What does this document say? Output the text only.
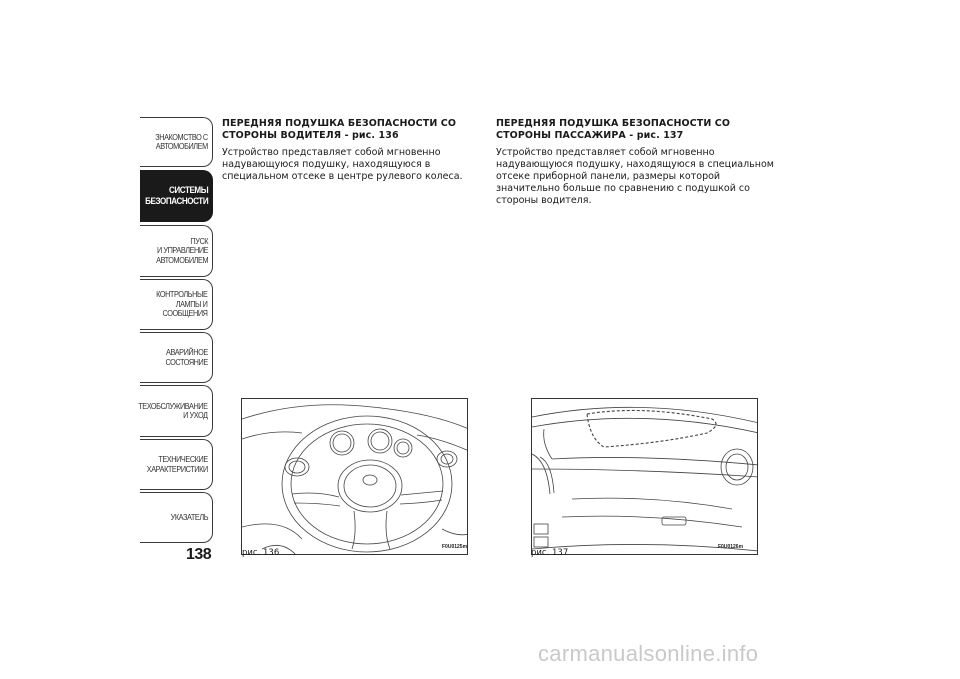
ЗНАКОМСТВО С
АВТОМОБИЛЕМ
СИСТЕМЫ
БЕЗОПАСНОСТИ
ПУСК
И УПРАВЛЕНИЕ
АВТОМОБИЛЕМ
КОНТРОЛЬНЫЕ
ЛАМПЫ И
СООБЩЕНИЯ
АВАРИЙНОЕ
СОСТОЯНИЕ
ТЕХОБСЛУЖИВАНИЕ
И УХОД
ТЕХНИЧЕСКИЕ
ХАРАКТЕРИСТИКИ
УКАЗАТЕЛЬ
138
ПЕРЕДНЯЯ ПОДУШКА БЕЗОПАСНОСТИ СО СТОРОНЫ ВОДИТЕЛЯ - рис. 136

Устройство представляет собой мгновенно надувающуюся подушку, находящуюся в специальном отсеке в центре рулевого колеса.

ПЕРЕДНЯЯ ПОДУШКА БЕЗОПАСНОСТИ СО СТОРОНЫ ПАССАЖИРА - рис. 137

Устройство представляет собой мгновенно надувающуюся подушку, находящуюся в специальном отсеке приборной панели, размеры которой значительно больше по сравнению с подушкой со стороны водителя.

рис. 136
F0U0125m
рис. 137
F0U0126m
carmanualsonline.info
